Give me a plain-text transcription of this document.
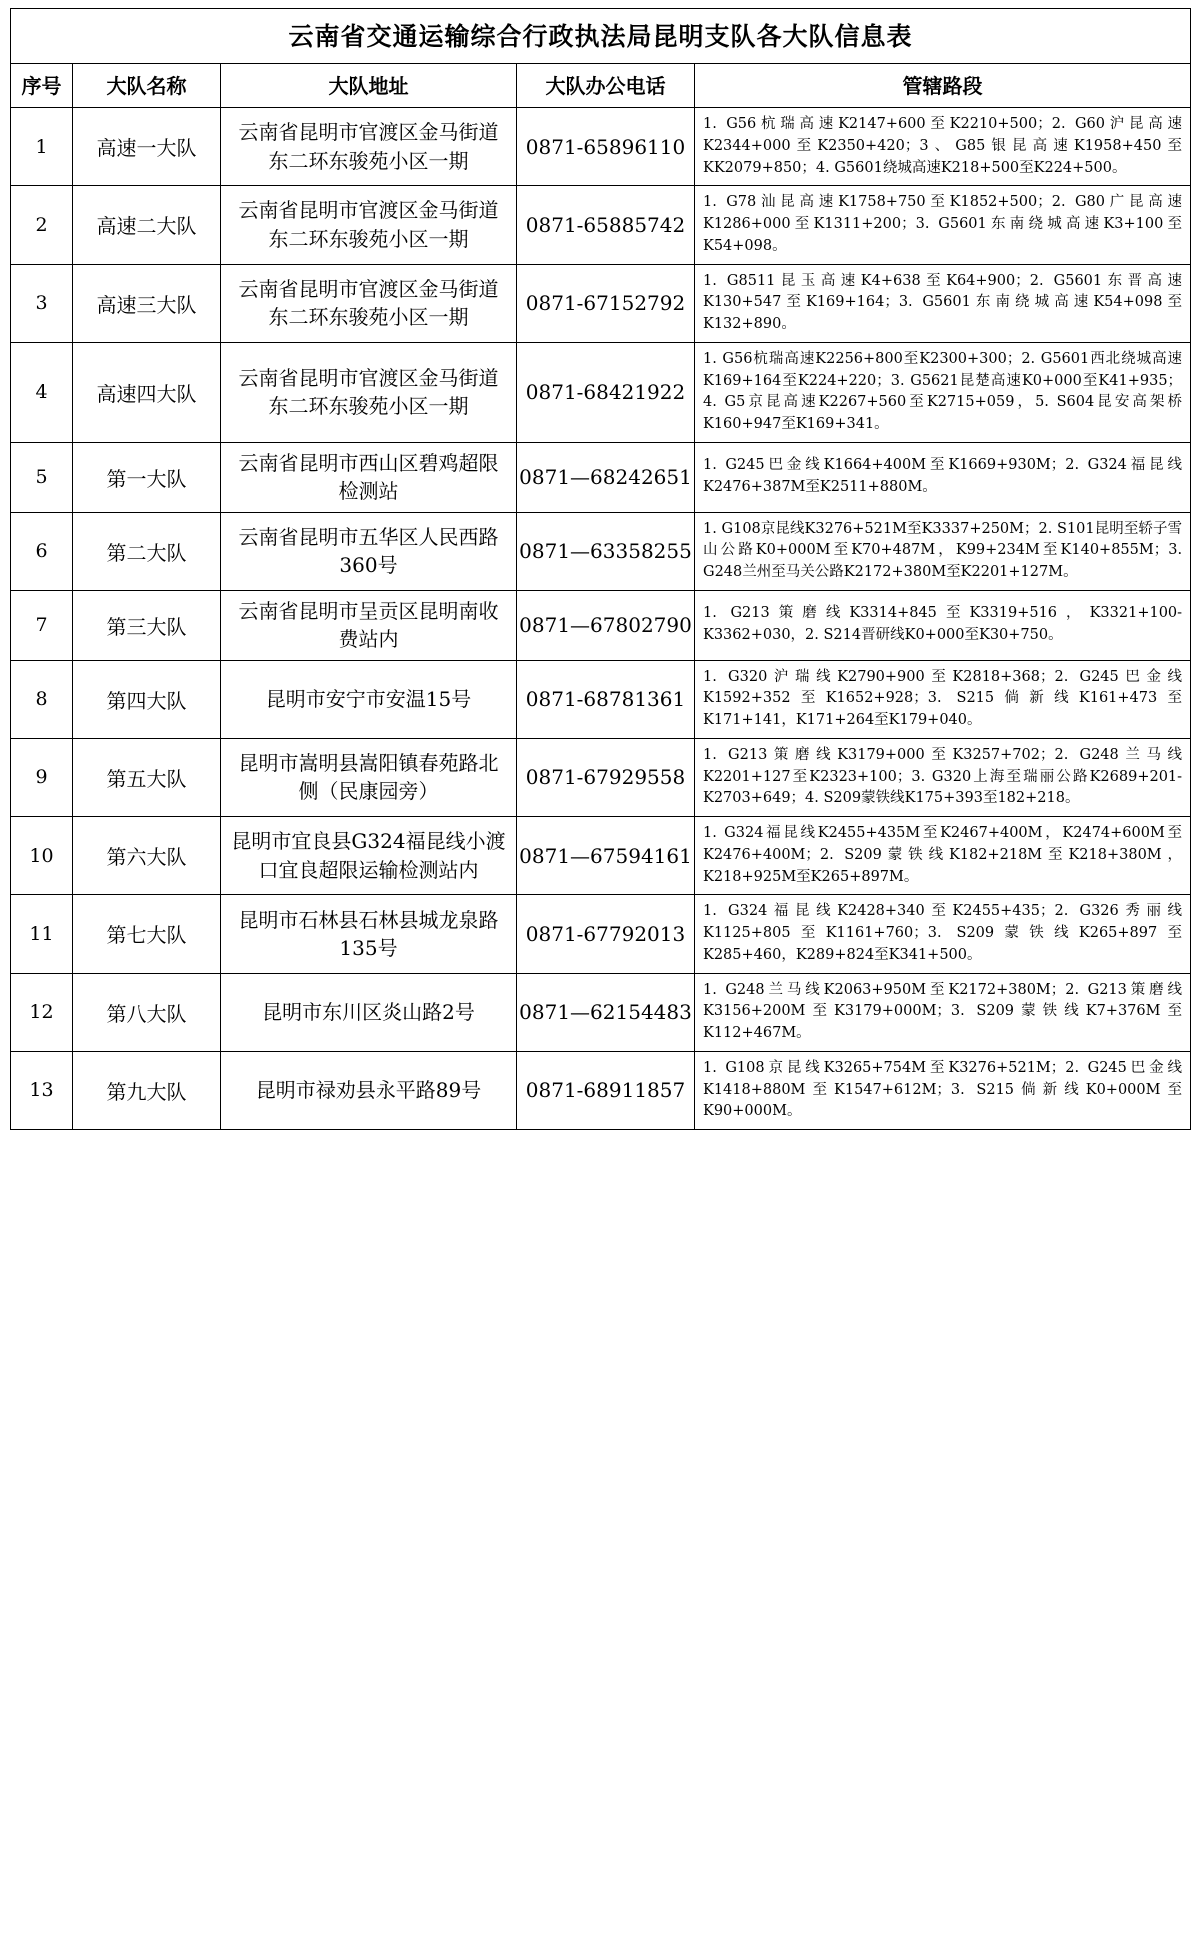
云南省交通运输综合行政执法局昆明支队各大队信息表				
序号	大队名称	大队地址	大队办公电话	管辖路段
1	高速一大队	云南省昆明市官渡区金马街道东二环东骏苑小区一期	0871-65896110	1. G56杭瑞高速K2147+600至K2210+500；2. G60沪昆高速K2344+000至K2350+420；3、G85银昆高速K1958+450至KK2079+850；4. G5601绕城高速K218+500至K224+500。
2	高速二大队	云南省昆明市官渡区金马街道东二环东骏苑小区一期	0871-65885742	1. G78汕昆高速K1758+750至K1852+500；2. G80广昆高速K1286+000至K1311+200；3. G5601东南绕城高速K3+100至K54+098。
3	高速三大队	云南省昆明市官渡区金马街道东二环东骏苑小区一期	0871-67152792	1. G8511昆玉高速K4+638至K64+900；2. G5601东晋高速K130+547至K169+164；3. G5601东南绕城高速K54+098至K132+890。
4	高速四大队	云南省昆明市官渡区金马街道东二环东骏苑小区一期	0871-68421922	1. G56杭瑞高速K2256+800至K2300+300；2. G5601西北绕城高速K169+164至K224+220；3. G5621昆楚高速K0+000至K41+935；4. G5京昆高速K2267+560至K2715+059，5. S604昆安高架桥K160+947至K169+341。
5	第一大队	云南省昆明市西山区碧鸡超限检测站	0871—68242651	1. G245巴金线K1664+400M至K1669+930M；2. G324福昆线K2476+387M至K2511+880M。
6	第二大队	云南省昆明市五华区人民西路360号	0871—63358255	1. G108京昆线K3276+521M至K3337+250M；2. S101昆明至轿子雪山公路K0+000M至K70+487M，K99+234M至K140+855M；3. G248兰州至马关公路K2172+380M至K2201+127M。
7	第三大队	云南省昆明市呈贡区昆明南收费站内	0871—67802790	1. G213策磨线K3314+845至K3319+516，K3321+100-K3362+030，2. S214晋研线K0+000至K30+750。
8	第四大队	昆明市安宁市安温15号	0871-68781361	1. G320沪瑞线K2790+900至K2818+368；2. G245巴金线K1592+352至K1652+928；3. S215倘新线K161+473至K171+141，K171+264至K179+040。
9	第五大队	昆明市嵩明县嵩阳镇春苑路北侧（民康园旁）	0871-67929558	1. G213策磨线K3179+000至K3257+702；2. G248兰马线K2201+127至K2323+100；3. G320上海至瑞丽公路K2689+201-K2703+649；4. S209蒙铁线K175+393至182+218。
10	第六大队	昆明市宜良县G324福昆线小渡口宜良超限运输检测站内	0871—67594161	1. G324福昆线K2455+435M至K2467+400M，K2474+600M至K2476+400M；2. S209蒙铁线K182+218M至K218+380M，K218+925M至K265+897M。
11	第七大队	昆明市石林县石林县城龙泉路135号	0871-67792013	1. G324福昆线K2428+340至K2455+435；2. G326秀丽线K1125+805至K1161+760；3. S209蒙铁线K265+897至K285+460，K289+824至K341+500。
12	第八大队	昆明市东川区炎山路2号	0871—62154483	1. G248兰马线K2063+950M至K2172+380M；2. G213策磨线K3156+200M至K3179+000M；3. S209蒙铁线K7+376M至K112+467M。
13	第九大队	昆明市禄劝县永平路89号	0871-68911857	1. G108京昆线K3265+754M至K3276+521M；2. G245巴金线K1418+880M至K1547+612M；3. S215倘新线K0+000M至K90+000M。
